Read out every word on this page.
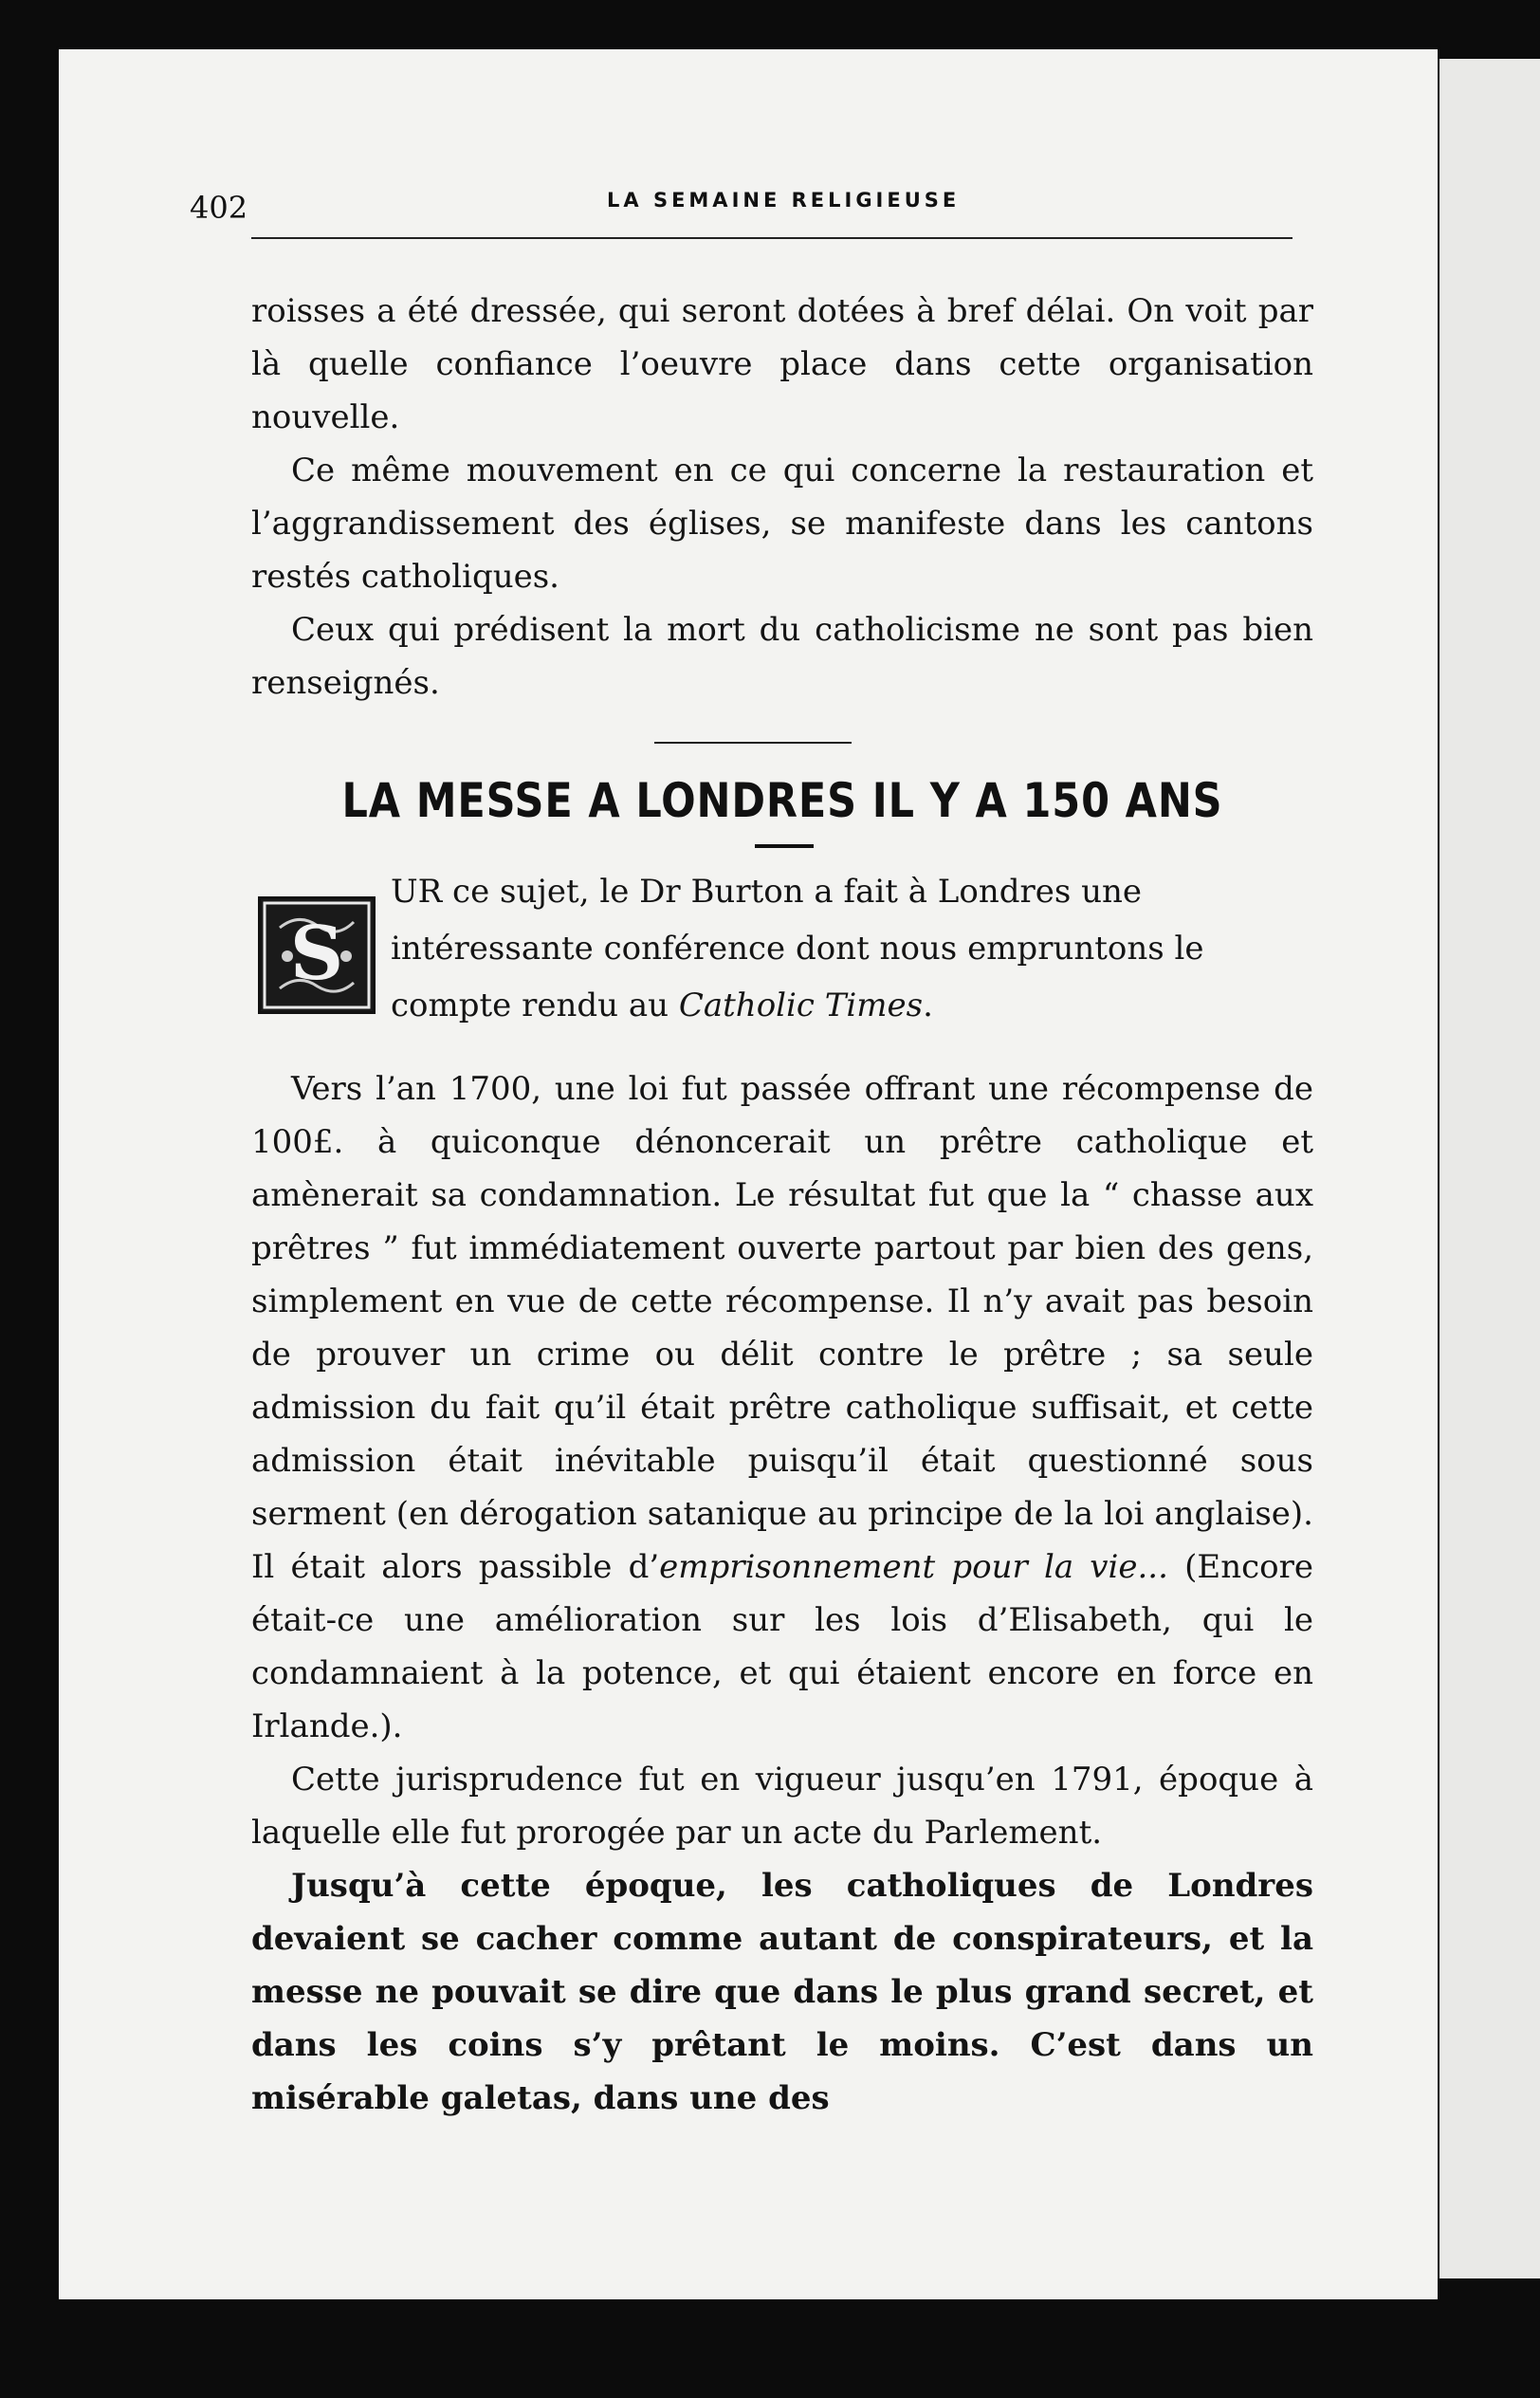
402	LA SEMAINE RELIGIEUSE

roisses a été dressée, qui seront dotées à bref délai. On voit par là quelle confiance l’oeuvre place dans cette organisation nouvelle.

Ce même mouvement en ce qui concerne la restauration et l’aggrandissement des églises, se manifeste dans les cantons restés catholiques.

Ceux qui prédisent la mort du catholicisme ne sont pas bien renseignés.

LA MESSE A LONDRES IL Y A 150 ANS
S

UR ce sujet, le Dr Burton a fait à Londres une intéressante conférence dont nous empruntons le compte rendu au Catholic Times.

Vers l’an 1700, une loi fut passée offrant une récompense de 100£. à quiconque dénoncerait un prêtre catholique et amènerait sa condamnation. Le résultat fut que la “ chasse aux prêtres ” fut immédiatement ouverte partout par bien des gens, simplement en vue de cette récompense. Il n’y avait pas besoin de prouver un crime ou délit contre le prêtre ; sa seule admission du fait qu’il était prêtre catholique suffisait, et cette admission était inévitable puisqu’il était questionné sous serment (en dérogation satanique au principe de la loi anglaise). Il était alors passible d’emprisonnement pour la vie... (Encore était-ce une amélioration sur les lois d’Elisabeth, qui le condamnaient à la potence, et qui étaient encore en force en Irlande.).

Cette jurisprudence fut en vigueur jusqu’en 1791, époque à laquelle elle fut prorogée par un acte du Parlement.

Jusqu’à cette époque, les catholiques de Londres devaient se cacher comme autant de conspirateurs, et la messe ne pouvait se dire que dans le plus grand secret, et dans les coins s’y prêtant le moins. C’est dans un misérable galetas, dans une des
